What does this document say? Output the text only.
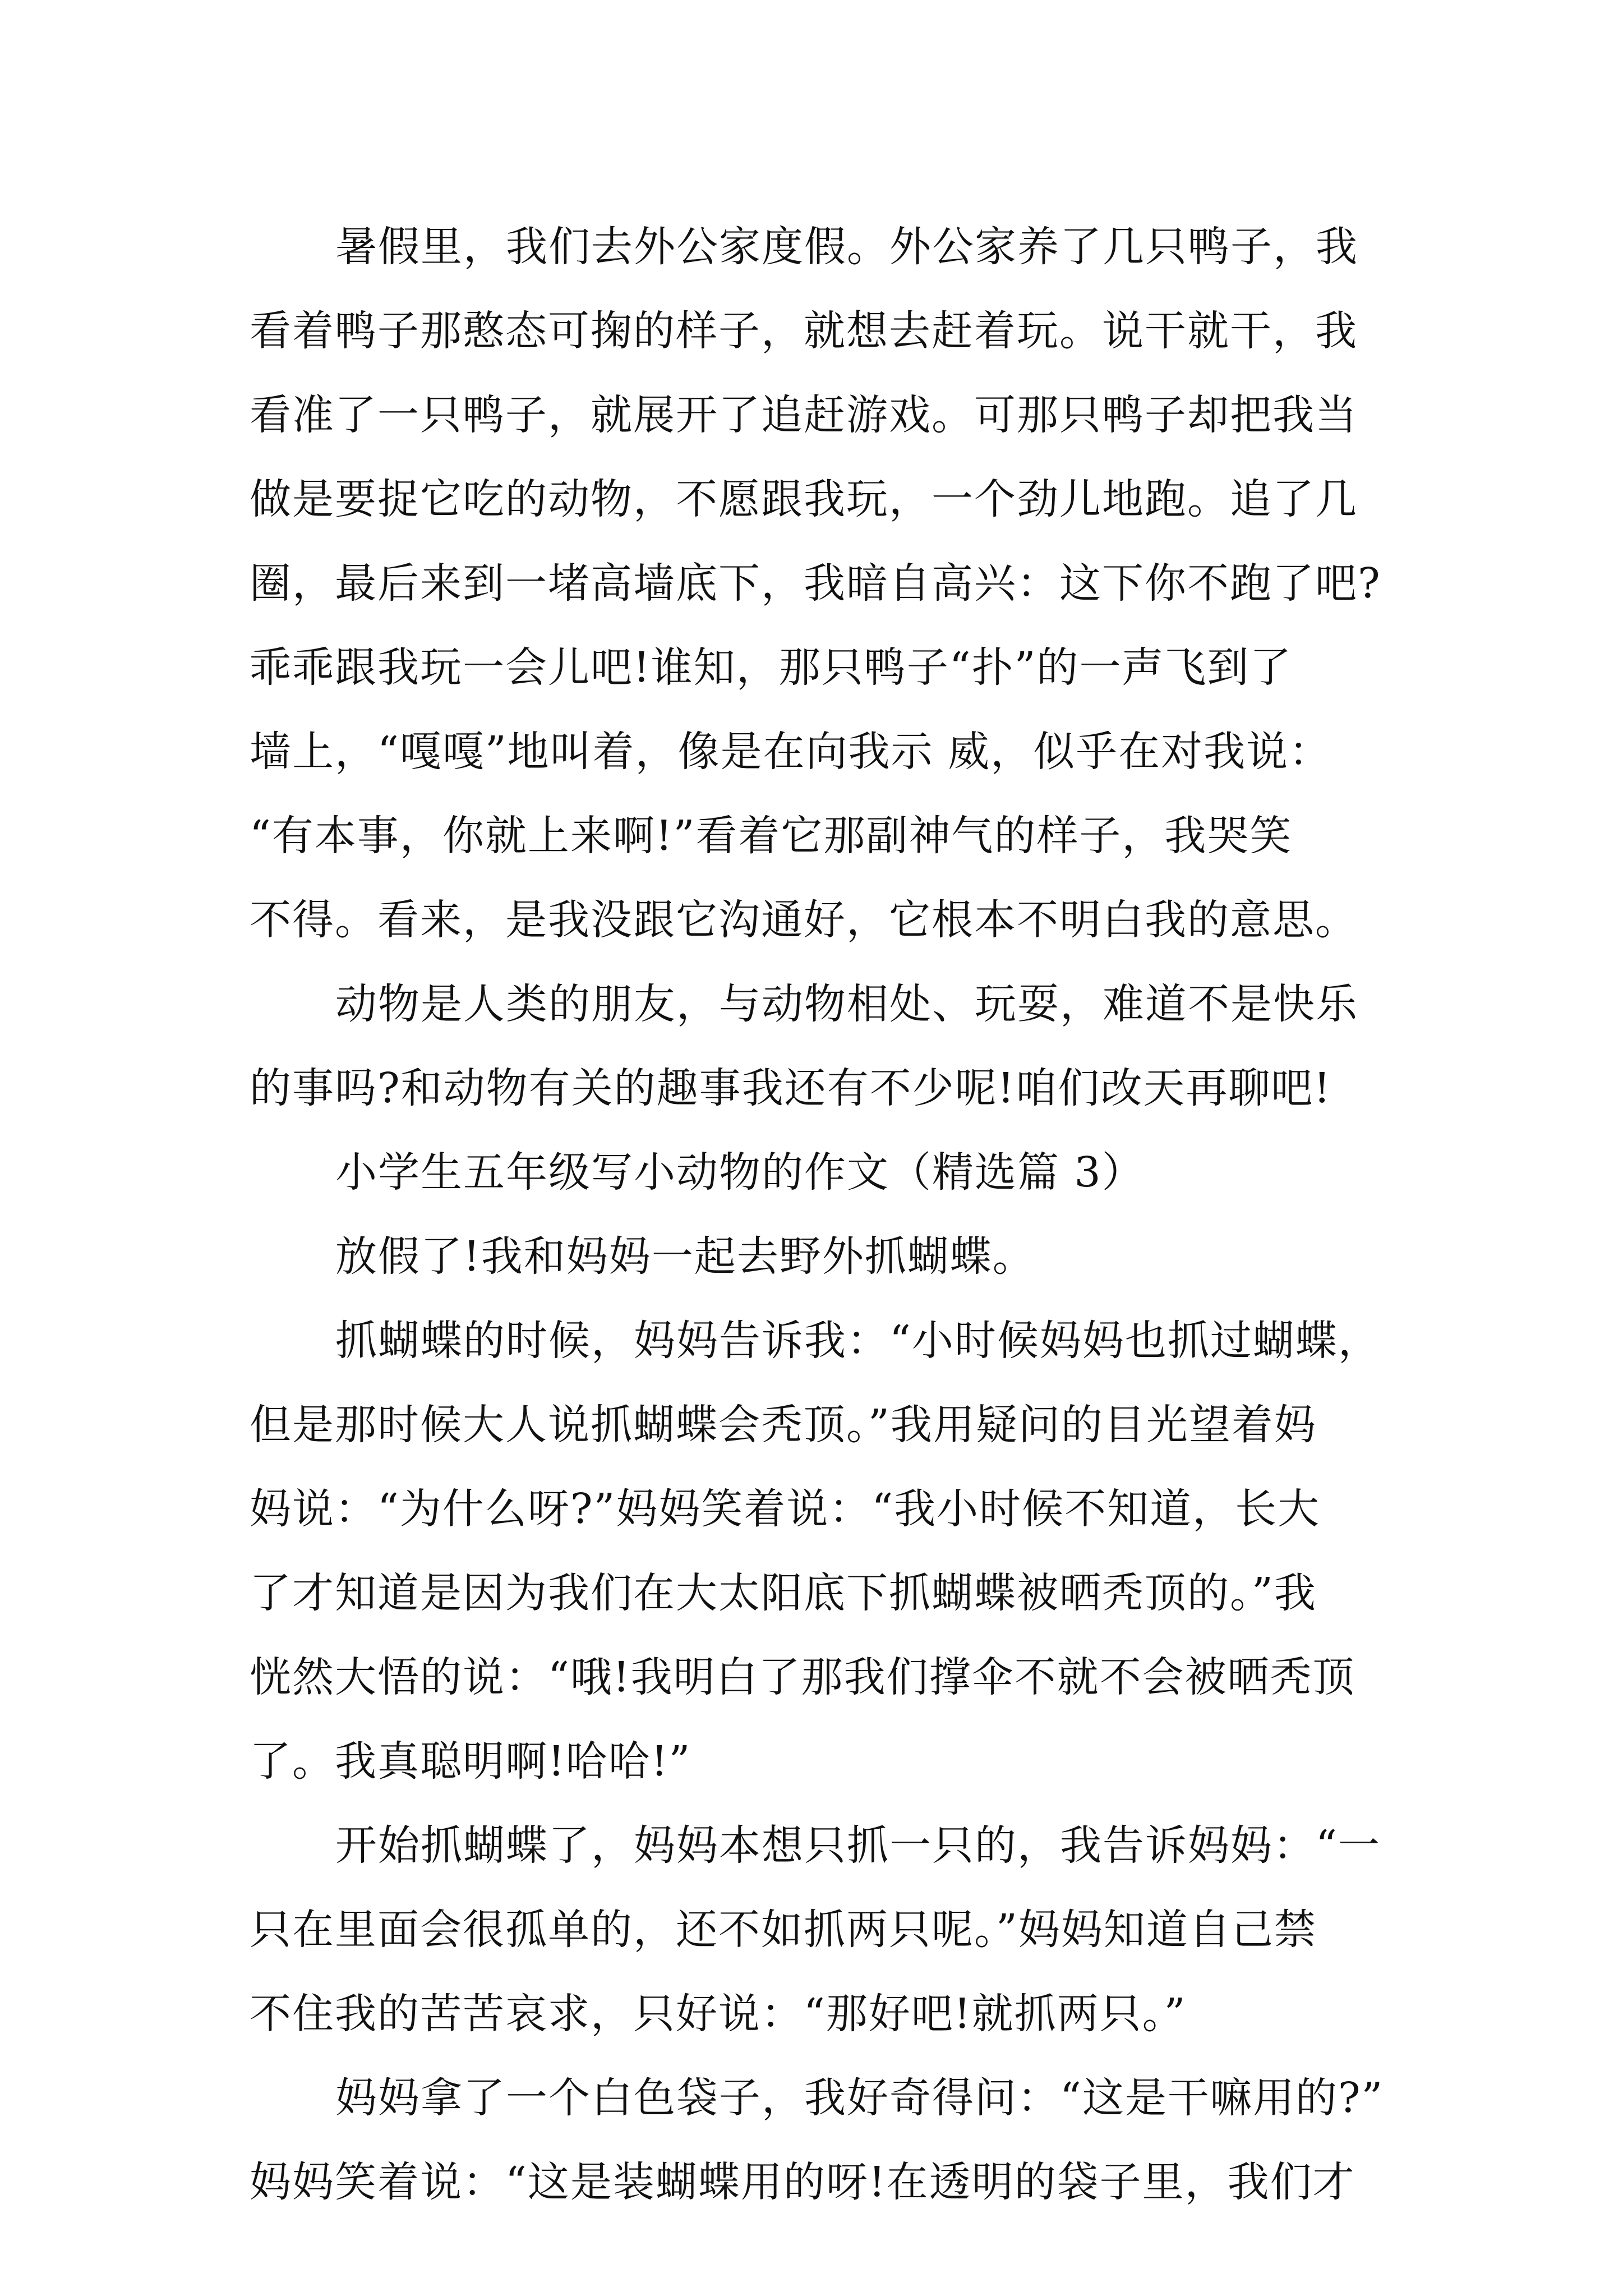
暑假里，我们去外公家度假。外公家养了几只鸭子，我
看着鸭子那憨态可掬的样子，就想去赶着玩。说干就干，我
看准了一只鸭子，就展开了追赶游戏。可那只鸭子却把我当
做是要捉它吃的动物，不愿跟我玩，一个劲儿地跑。追了几
圈，最后来到一堵高墙底下，我暗自高兴：这下你不跑了吧?
乖乖跟我玩一会儿吧!谁知，那只鸭子“扑”的一声飞到了
墙上，“嘎嘎”地叫着，像是在向我示 威，似乎在对我说：
“有本事，你就上来啊!”看着它那副神气的样子，我哭笑
不得。看来，是我没跟它沟通好，它根本不明白我的意思。
动物是人类的朋友，与动物相处、玩耍，难道不是快乐
的事吗?和动物有关的趣事我还有不少呢!咱们改天再聊吧!
小学生五年级写小动物的作文（精选篇 3）
放假了!我和妈妈一起去野外抓蝴蝶。
抓蝴蝶的时候，妈妈告诉我：“小时候妈妈也抓过蝴蝶，
但是那时候大人说抓蝴蝶会秃顶。”我用疑问的目光望着妈
妈说：“为什么呀?”妈妈笑着说：“我小时候不知道，长大
了才知道是因为我们在大太阳底下抓蝴蝶被晒秃顶的。”我
恍然大悟的说：“哦!我明白了那我们撑伞不就不会被晒秃顶
了。我真聪明啊!哈哈!”
开始抓蝴蝶了，妈妈本想只抓一只的，我告诉妈妈：“一
只在里面会很孤单的，还不如抓两只呢。”妈妈知道自己禁
不住我的苦苦哀求，只好说：“那好吧!就抓两只。”
妈妈拿了一个白色袋子，我好奇得问：“这是干嘛用的?”
妈妈笑着说：“这是装蝴蝶用的呀!在透明的袋子里，我们才
